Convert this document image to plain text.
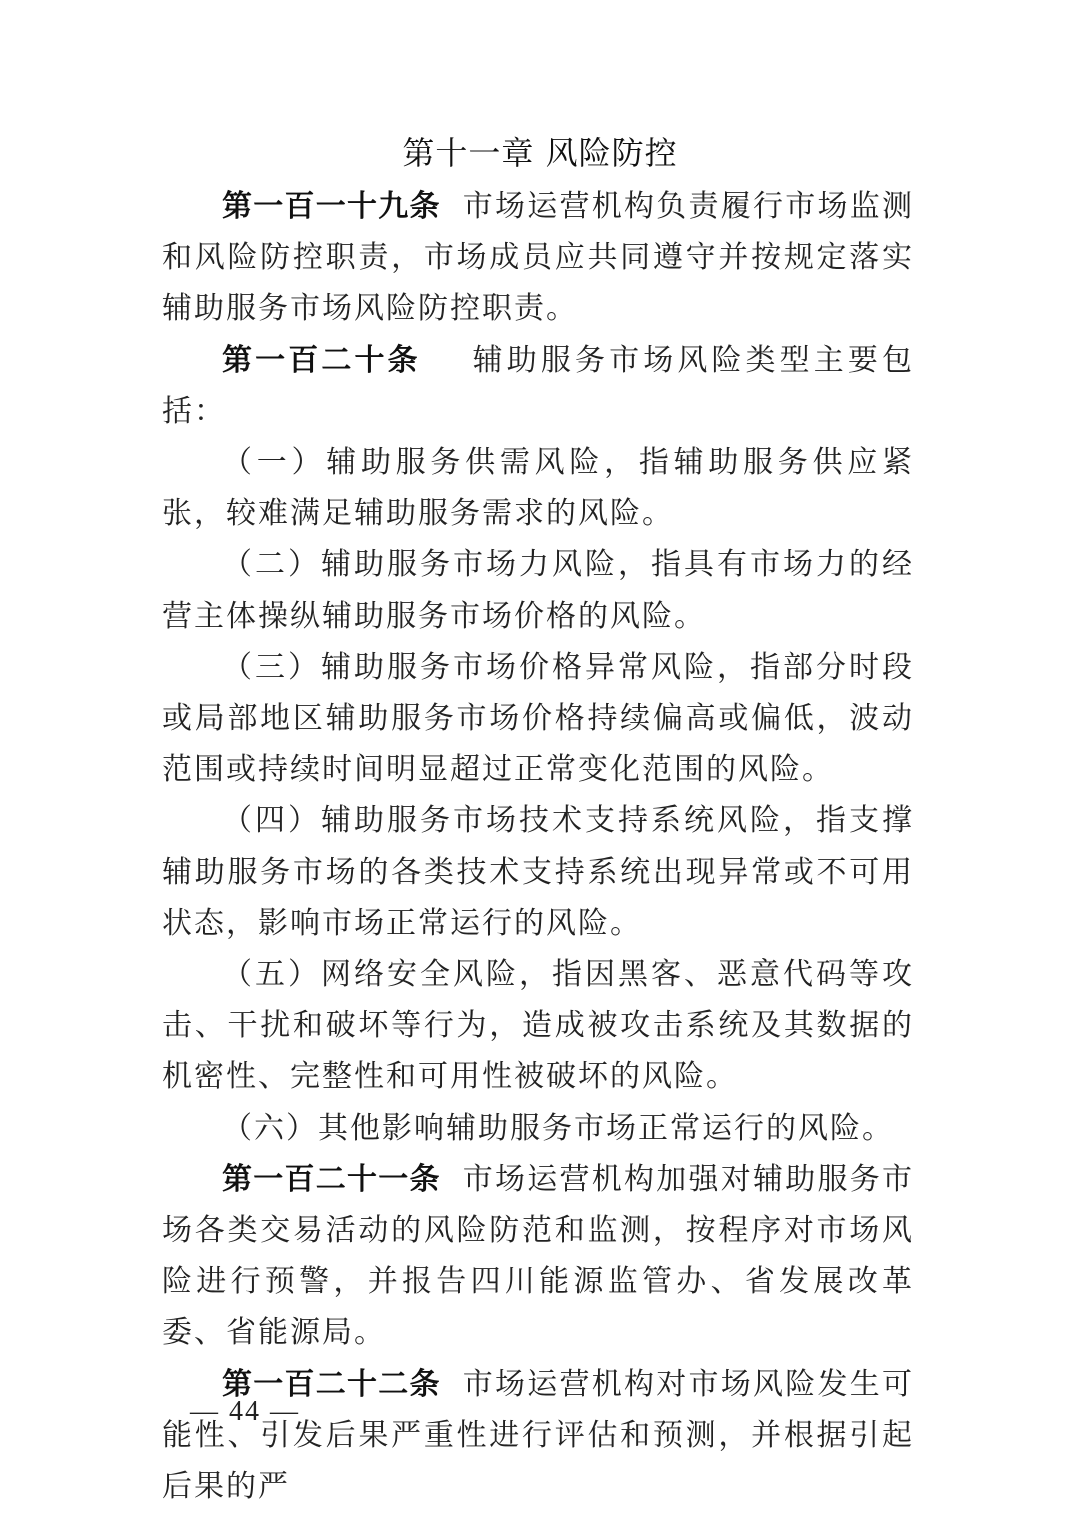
第十一章 风险防控

第一百一十九条 市场运营机构负责履行市场监测和风险防控职责，市场成员应共同遵守并按规定落实辅助服务市场风险防控职责。

第一百二十条 辅助服务市场风险类型主要包括：

（一）辅助服务供需风险，指辅助服务供应紧张，较难满足辅助服务需求的风险。

（二）辅助服务市场力风险，指具有市场力的经营主体操纵辅助服务市场价格的风险。

（三）辅助服务市场价格异常风险，指部分时段或局部地区辅助服务市场价格持续偏高或偏低，波动范围或持续时间明显超过正常变化范围的风险。

（四）辅助服务市场技术支持系统风险，指支撑辅助服务市场的各类技术支持系统出现异常或不可用状态，影响市场正常运行的风险。

（五）网络安全风险，指因黑客、恶意代码等攻击、干扰和破坏等行为，造成被攻击系统及其数据的机密性、完整性和可用性被破坏的风险。

（六）其他影响辅助服务市场正常运行的风险。

第一百二十一条 市场运营机构加强对辅助服务市场各类交易活动的风险防范和监测，按程序对市场风险进行预警，并报告四川能源监管办、省发展改革委、省能源局。

第一百二十二条 市场运营机构对市场风险发生可能性、引发后果严重性进行评估和预测，并根据引起后果的严

— 44 —
